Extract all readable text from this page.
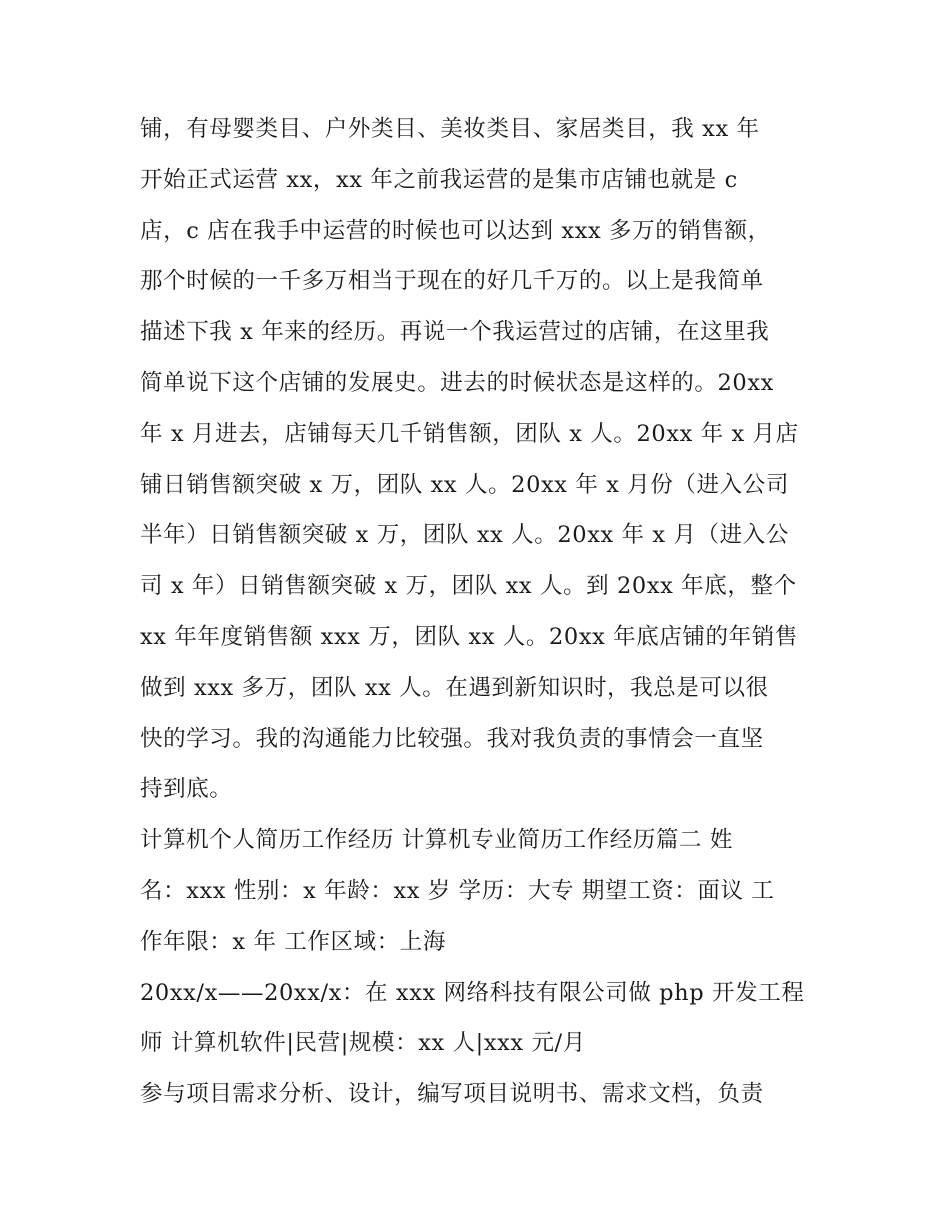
铺，有母婴类目、户外类目、美妆类目、家居类目，我 xx 年
开始正式运营 xx，xx 年之前我运营的是集市店铺也就是 c
店，c 店在我手中运营的时候也可以达到 xxx 多万的销售额，
那个时候的一千多万相当于现在的好几千万的。以上是我简单
描述下我 x 年来的经历。再说一个我运营过的店铺，在这里我
简单说下这个店铺的发展史。进去的时候状态是这样的。20xx
年 x 月进去，店铺每天几千销售额，团队 x 人。20xx 年 x 月店
铺日销售额突破 x 万，团队 xx 人。20xx 年 x 月份（进入公司
半年）日销售额突破 x 万，团队 xx 人。20xx 年 x 月（进入公
司 x 年）日销售额突破 x 万，团队 xx 人。到 20xx 年底，整个
xx 年年度销售额 xxx 万，团队 xx 人。20xx 年底店铺的年销售
做到 xxx 多万，团队 xx 人。在遇到新知识时，我总是可以很
快的学习。我的沟通能力比较强。我对我负责的事情会一直坚
持到底。
计算机个人简历工作经历 计算机专业简历工作经历篇二 姓
名：xxx 性别：x 年龄：xx 岁 学历：大专 期望工资：面议 工
作年限：x 年 工作区域：上海
20xx/x——20xx/x：在 xxx 网络科技有限公司做 php 开发工程
师 计算机软件|民营|规模：xx 人|xxx 元/月
参与项目需求分析、设计，编写项目说明书、需求文档，负责
